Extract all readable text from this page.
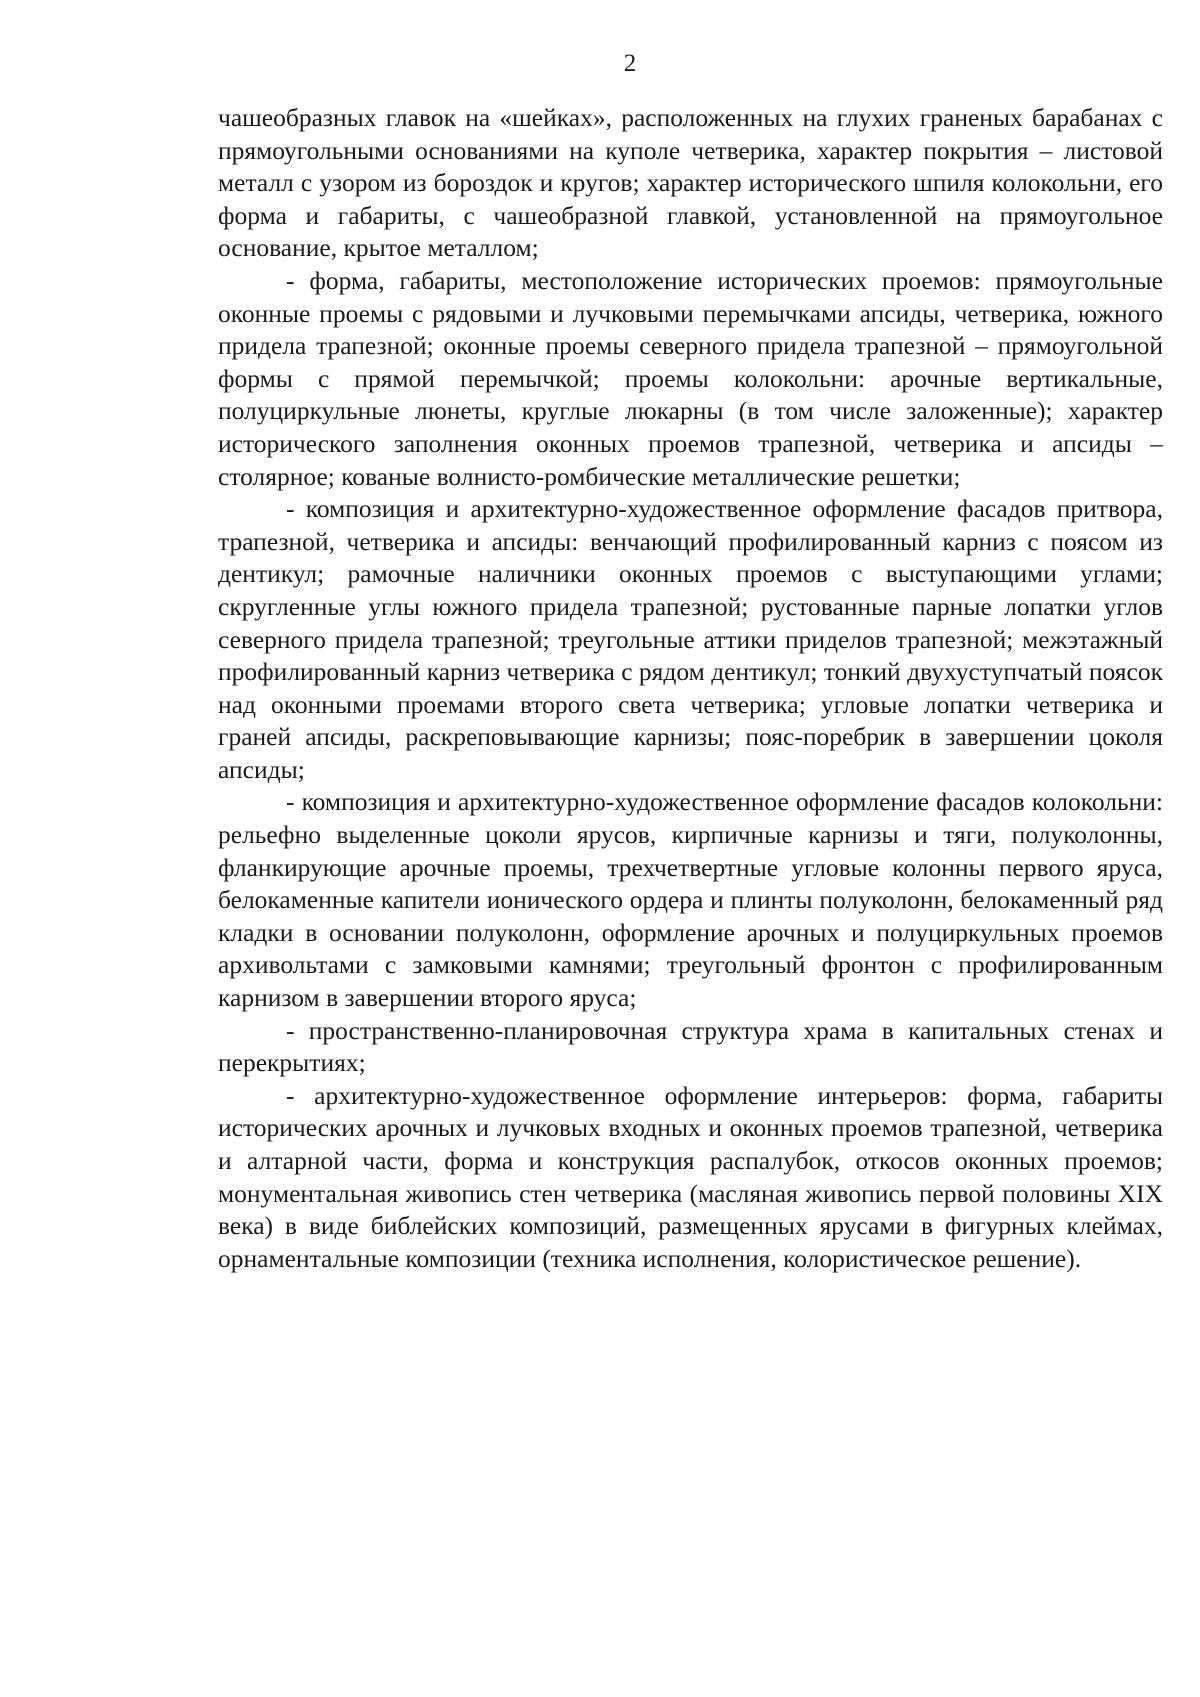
2

чашеобразных главок на «шейках», расположенных на глухих граненых барабанах с прямоугольными основаниями на куполе четверика, характер покрытия – листовой металл с узором из бороздок и кругов; характер исторического шпиля колокольни, его форма и габариты, с чашеобразной главкой, установленной на прямоугольное основание, крытое металлом;

- форма, габариты, местоположение исторических проемов: прямоугольные оконные проемы с рядовыми и лучковыми перемычками апсиды, четверика, южного придела трапезной; оконные проемы северного придела трапезной – прямоугольной формы с прямой перемычкой; проемы колокольни: арочные вертикальные, полуциркульные люнеты, круглые люкарны (в том числе заложенные); характер исторического заполнения оконных проемов трапезной, четверика и апсиды – столярное; кованые волнисто-ромбические металлические решетки;

- композиция и архитектурно-художественное оформление фасадов притвора, трапезной, четверика и апсиды: венчающий профилированный карниз с поясом из дентикул; рамочные наличники оконных проемов с выступающими углами; скругленные углы южного придела трапезной; рустованные парные лопатки углов северного придела трапезной; треугольные аттики приделов трапезной; межэтажный профилированный карниз четверика с рядом дентикул; тонкий двухуступчатый поясок над оконными проемами второго света четверика; угловые лопатки четверика и граней апсиды, раскреповывающие карнизы; пояс-поребрик в завершении цоколя апсиды;

- композиция и архитектурно-художественное оформление фасадов колокольни: рельефно выделенные цоколи ярусов, кирпичные карнизы и тяги, полуколонны, фланкирующие арочные проемы, трехчетвертные угловые колонны первого яруса, белокаменные капители ионического ордера и плинты полуколонн, белокаменный ряд кладки в основании полуколонн, оформление арочных и полуциркульных проемов архивольтами с замковыми камнями; треугольный фронтон с профилированным карнизом в завершении второго яруса;

- пространственно-планировочная структура храма в капитальных стенах и перекрытиях;

- архитектурно-художественное оформление интерьеров: форма, габариты исторических арочных и лучковых входных и оконных проемов трапезной, четверика и алтарной части, форма и конструкция распалубок, откосов оконных проемов; монументальная живопись стен четверика (масляная живопись первой половины XIX века) в виде библейских композиций, размещенных ярусами в фигурных клеймах, орнаментальные композиции (техника исполнения, колористическое решение).
